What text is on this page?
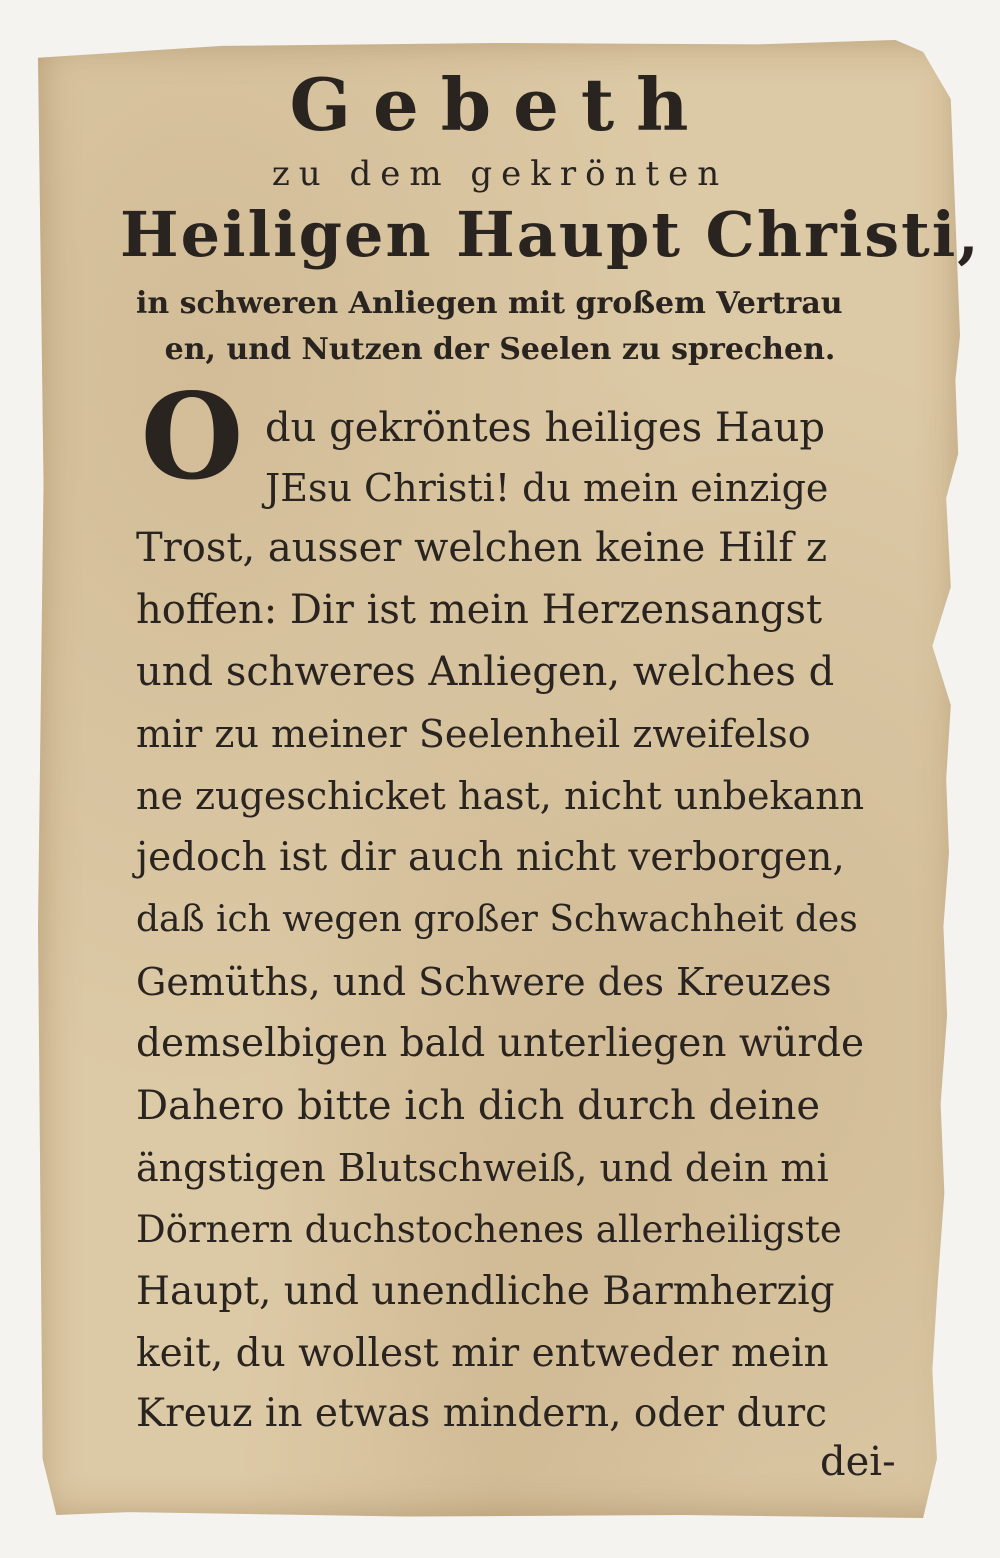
Gebeth
zu dem gekrönten
Heiligen Haupt Christi,
in schweren Anliegen mit großem Vertrau
en, und Nutzen der Seelen zu sprechen.
O du gekröntes heiliges Haup
JEsu Christi! du mein einzige
Trost, ausser welchen keine Hilf z
hoffen: Dir ist mein Herzensangst
und schweres Anliegen, welches d
mir zu meiner Seelenheil zweifelso
ne zugeschicket hast, nicht unbekann
jedoch ist dir auch nicht verborgen,
daß ich wegen großer Schwachheit des
Gemüths, und Schwere des Kreuzes
demselbigen bald unterliegen würde
Dahero bitte ich dich durch deine
ängstigen Blutschweiß, und dein mi
Dörnern duchstochenes allerheiligste
Haupt, und unendliche Barmherzig
keit, du wollest mir entweder mein
Kreuz in etwas mindern, oder durc
dei-
